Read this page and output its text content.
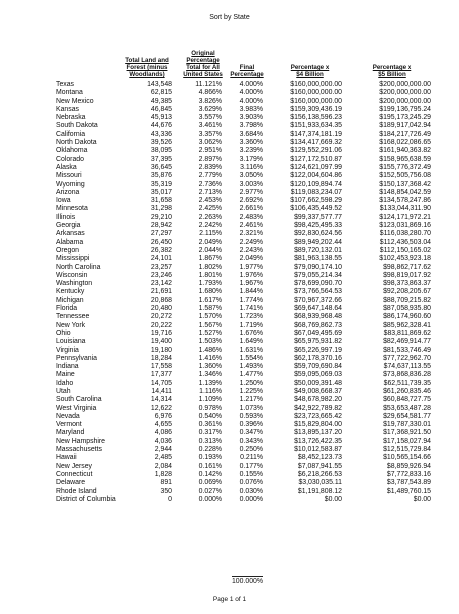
Sort by State
Total Land and
Forest (minus
Woodlands)
Original
Percentage
Total for All
United States
Final
Percentage
Percentage x
$4 Billion
Percentage x
$5 Billion
Texas	143,548	11.121%	4.000%	$160,000,000.00	$200,000,000.00
Montana	62,815	4.866%	4.000%	$160,000,000.00	$200,000,000.00
New Mexico	49,385	3.826%	4.000%	$160,000,000.00	$200,000,000.00
Kansas	46,845	3.629%	3.983%	$159,309,436.19	$199,136,795.24
Nebraska	45,913	3.557%	3.903%	$156,138,596.23	$195,173,245.29
South Dakota	44,676	3.461%	3.798%	$151,933,634.35	$189,917,042.94
California	43,336	3.357%	3.684%	$147,374,181.19	$184,217,726.49
North Dakota	39,526	3.062%	3.360%	$134,417,669.32	$168,022,086.65
Oklahoma	38,095	2.951%	3.239%	$129,552,291.06	$161,940,363.82
Colorado	37,395	2.897%	3.179%	$127,172,510.87	$158,965,638.59
Alaska	36,645	2.839%	3.116%	$124,621,097.99	$155,776,372.49
Missouri	35,876	2.779%	3.050%	$122,004,604.86	$152,505,756.08
Wyoming	35,319	2.736%	3.003%	$120,109,894.74	$150,137,368.42
Arizona	35,017	2.713%	2.977%	$119,083,234.07	$148,854,042.59
Iowa	31,658	2.453%	2.692%	$107,662,598.29	$134,578,247.86
Minnesota	31,298	2.425%	2.661%	$106,435,449.52	$133,044,311.90
Illinois	29,210	2.263%	2.483%	$99,337,577.77	$124,171,972.21
Georgia	28,942	2.242%	2.461%	$98,425,495.33	$123,031,869.16
Arkansas	27,297	2.115%	2.321%	$92,830,624.56	$116,038,280.70
Alabama	26,450	2.049%	2.249%	$89,949,202.44	$112,436,503.04
Oregon	26,382	2.044%	2.243%	$89,720,132.01	$112,150,165.02
Mississippi	24,101	1.867%	2.049%	$81,963,138.55	$102,453,923.18
North Carolina	23,257	1.802%	1.977%	$79,090,174.10	$98,862,717.62
Wisconsin	23,246	1.801%	1.976%	$79,055,214.34	$98,819,017.92
Washington	23,142	1.793%	1.967%	$78,699,090.70	$98,373,863.37
Kentucky	21,691	1.680%	1.844%	$73,766,564.53	$92,208,205.67
Michigan	20,868	1.617%	1.774%	$70,967,372.66	$88,709,215.82
Florida	20,480	1.587%	1.741%	$69,647,148.64	$87,058,935.80
Tennessee	20,272	1.570%	1.723%	$68,939,968.48	$86,174,960.60
New York	20,222	1.567%	1.719%	$68,769,862.73	$85,962,328.41
Ohio	19,716	1.527%	1.676%	$67,049,495.69	$83,811,869.62
Louisiana	19,400	1.503%	1.649%	$65,975,931.82	$82,469,914.77
Virginia	19,180	1.486%	1.631%	$65,226,997.19	$81,533,746.49
Pennsylvania	18,284	1.416%	1.554%	$62,178,370.16	$77,722,962.70
Indiana	17,558	1.360%	1.493%	$59,709,690.84	$74,637,113.55
Maine	17,377	1.346%	1.477%	$59,095,069.03	$73,868,836.28
Idaho	14,705	1.139%	1.250%	$50,009,391.48	$62,511,739.35
Utah	14,411	1.116%	1.225%	$49,008,668.37	$61,260,835.46
South Carolina	14,314	1.109%	1.217%	$48,678,982.20	$60,848,727.75
West Virginia	12,622	0.978%	1.073%	$42,922,789.82	$53,653,487.28
Nevada	6,976	0.540%	0.593%	$23,723,665.42	$29,654,581.77
Vermont	4,655	0.361%	0.396%	$15,829,804.00	$19,787,330.01
Maryland	4,086	0.317%	0.347%	$13,895,137.20	$17,368,921.50
New Hampshire	4,036	0.313%	0.343%	$13,726,422.35	$17,158,027.94
Massachusetts	2,944	0.228%	0.250%	$10,012,583.87	$12,515,729.84
Hawaii	2,485	0.193%	0.211%	$8,452,123.73	$10,565,154.66
New Jersey	2,084	0.161%	0.177%	$7,087,941.55	$8,859,926.94
Connecticut	1,828	0.142%	0.155%	$6,218,266.53	$7,772,833.16
Delaware	891	0.069%	0.076%	$3,030,035.11	$3,787,543.89
Rhode Island	350	0.027%	0.030%	$1,191,808.12	$1,489,760.15
District of Columbia	0	0.000%	0.000%	$0.00	$0.00
100.000%
Page 1 of 1
